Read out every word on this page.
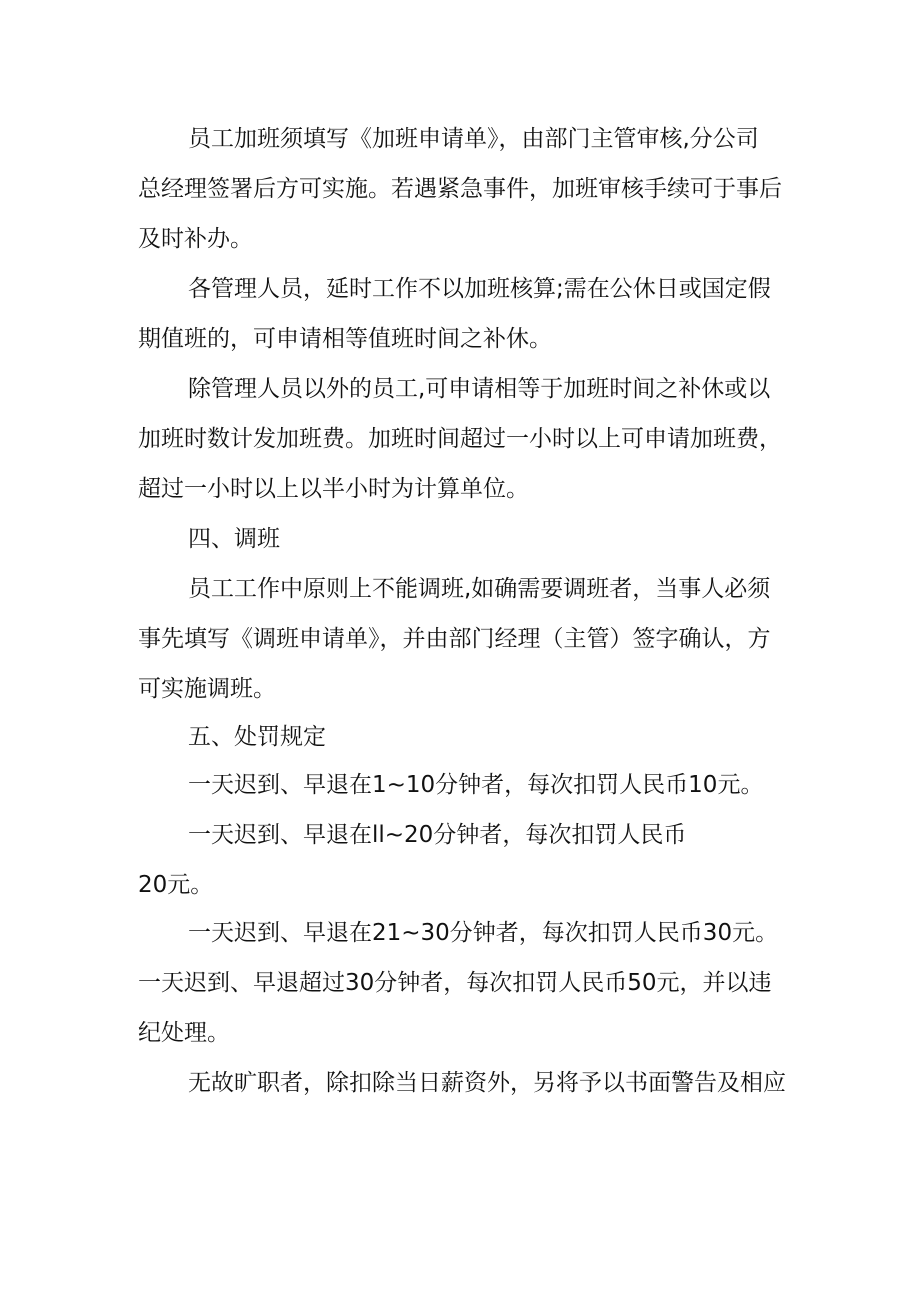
员工加班须填写《加班申请单》，由部门主管审核,分公司
总经理签署后方可实施。若遇紧急事件，加班审核手续可于事后
及时补办。
各管理人员，延时工作不以加班核算;需在公休日或国定假
期值班的，可申请相等值班时间之补休。
除管理人员以外的员工,可申请相等于加班时间之补休或以
加班时数计发加班费。加班时间超过一小时以上可申请加班费，
超过一小时以上以半小时为计算单位。
四、调班
员工工作中原则上不能调班,如确需要调班者，当事人必须
事先填写《调班申请单》，并由部门经理（主管）签字确认，方
可实施调班。
五、处罚规定
一天迟到、早退在1~10分钟者，每次扣罚人民币10元。
一天迟到、早退在ll~20分钟者，每次扣罚人民币
20元。
一天迟到、早退在21~30分钟者，每次扣罚人民币30元。
一天迟到、早退超过30分钟者，每次扣罚人民币50元，并以违
纪处理。
无故旷职者，除扣除当日薪资外，另将予以书面警告及相应
